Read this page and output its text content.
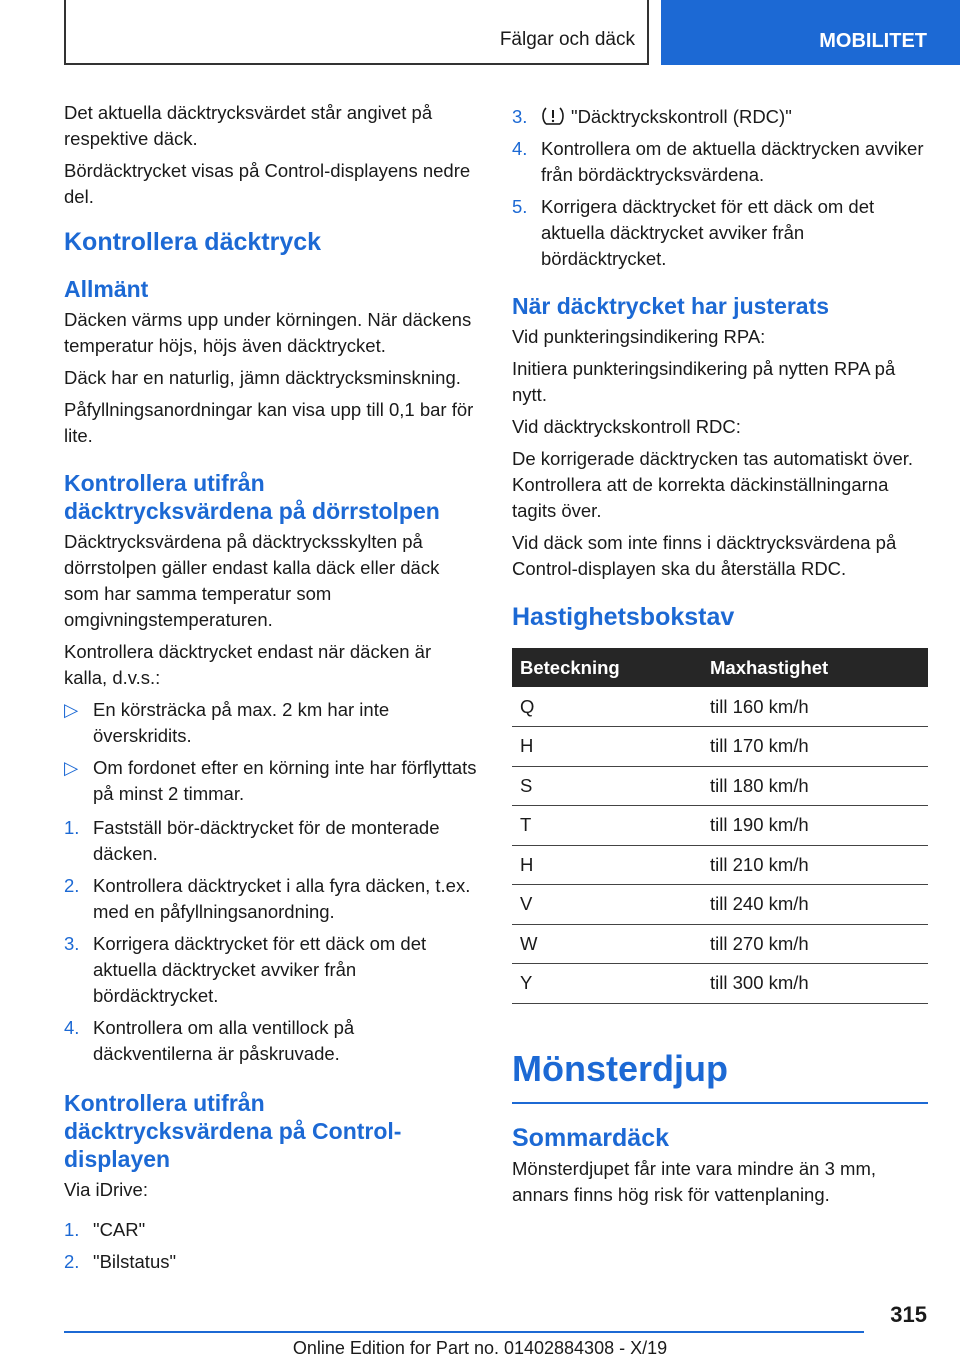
Fälgar och däck	MOBILITET

Det aktuella däcktrycksvärdet står angivet på respektive däck.

Bördäcktrycket visas på Control-displayens nedre del.

Kontrollera däcktryck
Allmänt

Däcken värms upp under körningen. När däckens temperatur höjs, höjs även däcktrycket.

Däck har en naturlig, jämn däcktrycksminskning.

Påfyllningsanordningar kan visa upp till 0,1 bar för lite.

Kontrollera utifrån däcktrycksvärdena på dörrstolpen

Däcktrycksvärdena på däcktrycksskylten på dörrstolpen gäller endast kalla däck eller däck som har samma temperatur som omgivningstemperaturen.

Kontrollera däcktrycket endast när däcken är kalla, d.v.s.:

▷ En körsträcka på max. 2 km har inte överskridits.
▷ Om fordonet efter en körning inte har förflyttats på minst 2 timmar.
1. Fastställ bör-däcktrycket för de monterade däcken.
2. Kontrollera däcktrycket i alla fyra däcken, t.ex. med en påfyllningsanordning.
3. Korrigera däcktrycket för ett däck om det aktuella däcktrycket avviker från bördäcktrycket.
4. Kontrollera om alla ventillock på däckventilerna är påskruvade.
Kontrollera utifrån däcktrycksvärdena på Control-displayen

Via iDrive:

1. "CAR"
2. "Bilstatus"
3.	"Däcktryckskontroll (RDC)"
4. Kontrollera om de aktuella däcktrycken avviker från bördäcktrycksvärdena.
5. Korrigera däcktrycket för ett däck om det aktuella däcktrycket avviker från bördäcktrycket.
När däcktrycket har justerats

Vid punkteringsindikering RPA:

Initiera punkteringsindikering på nytten RPA på nytt.

Vid däcktryckskontroll RDC:

De korrigerade däcktrycken tas automatiskt över. Kontrollera att de korrekta däckinställningarna tagits över.

Vid däck som inte finns i däcktrycksvärdena på Control-displayen ska du återställa RDC.

Hastighetsbokstav
Beteckning	Maxhastighet
Q	till 160 km/h
H	till 170 km/h
S	till 180 km/h
T	till 190 km/h
H	till 210 km/h
V	till 240 km/h
W	till 270 km/h
Y	till 300 km/h
Mönsterdjup
Sommardäck

Mönsterdjupet får inte vara mindre än 3 mm, annars finns hög risk för vattenplaning.

315
Online Edition for Part no. 01402884308 - X/19
